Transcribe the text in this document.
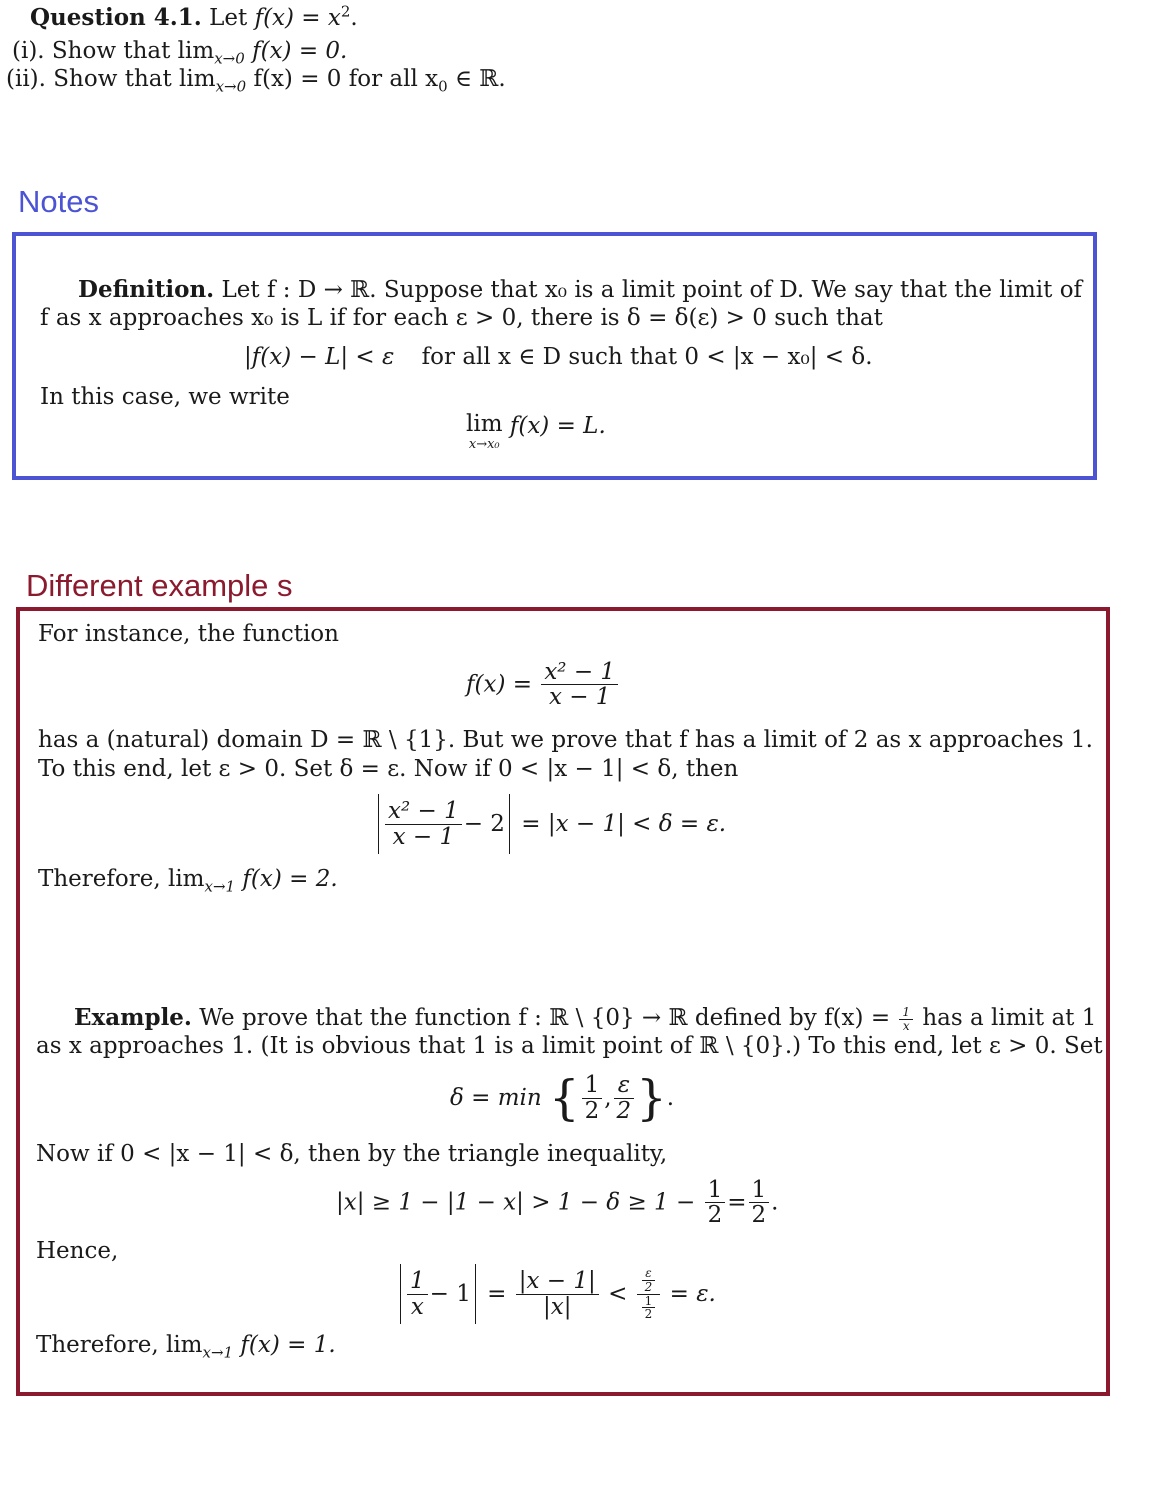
Question 4.1. Let $f(x) = x^2$.
(i). Show that $\lim_{x\to 0} f(x) = 0$.
(ii). Show that $\lim_{x\to 0} f(x) = 0$ for all $x_0$ ∈ ℝ.
Notes
Definition. Let f : D → ℝ. Suppose that x₀ is a limit point of D. We say that the limit of
f as x approaches x₀ is L if for each ε > 0, there is δ = δ(ε) > 0 such that
|f(x) − L| < ε for all x ∈ D such that 0 < |x − x₀| < δ.
In this case, we write
lim
x→x₀
f(x) = L.
Different example s
For instance, the function
$f(x) = \frac{\text{x² − 1}}{x - 1}$
has a (natural) domain D = ℝ \ {1}. But we prove that f has a limit of 2 as x approaches 1.
To this end, let ε > 0. Set δ = ε. Now if 0 < |x − 1| < δ, then
$\frac{\text{x² − 1}}{x - 1} - 2 = |x - 1| < \delta = \varepsilon$.
Therefore, $\lim_{x\to 1} f(x) = 2$.
Example. We prove that the function f : ℝ \ {0} → ℝ defined by $f(x) = \frac{1}{x}$ has a limit at 1
as x approaches 1. (It is obvious that 1 is a limit point of ℝ \ {0}.) To this end, let ε > 0. Set
δ = min { $\frac{1}{2}$ , $\frac{\varepsilon}{2}$ }.
Now if 0 < |x − 1| < δ, then by the triangle inequality,
$|x| \ge 1 - |1 - x| > 1 - \delta \ge 1 - \frac{1}{2} = \frac{1}{2}$ .
Hence,
$\frac{1}{x} - 1 = \frac{|x - 1|}{|x|} < \varepsilon$
2
$\frac{1}{2} = \varepsilon$.
Therefore, $\lim_{x\to 1} f(x) = 1$.
